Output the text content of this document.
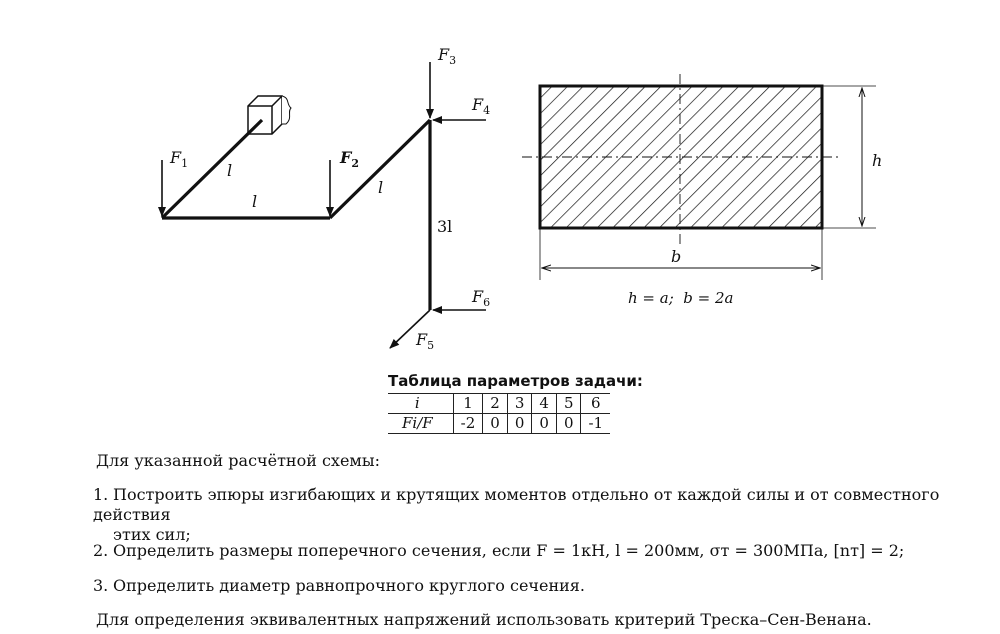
$F_1$	$F_2$
$F_3$
$F_4$
$F_5$
$F_6$
l
l
l
3l
h
b
h = a;  b = 2a
Таблица параметров задачи:
i	1	2	3	4	5	6
Fi/F	-2	0	0	0	0	-1
Для указанной расчётной схемы:
1. Построить эпюры изгибающих и крутящих моментов отдельно от каждой силы и от совместного действия
этих сил;
2. Определить размеры поперечного сечения, если F = 1кН, l = 200мм, σт = 300МПа, [nт] = 2;
3. Определить диаметр равнопрочного круглого сечения.
Для определения эквивалентных напряжений использовать критерий Треска–Сен-Венана.
